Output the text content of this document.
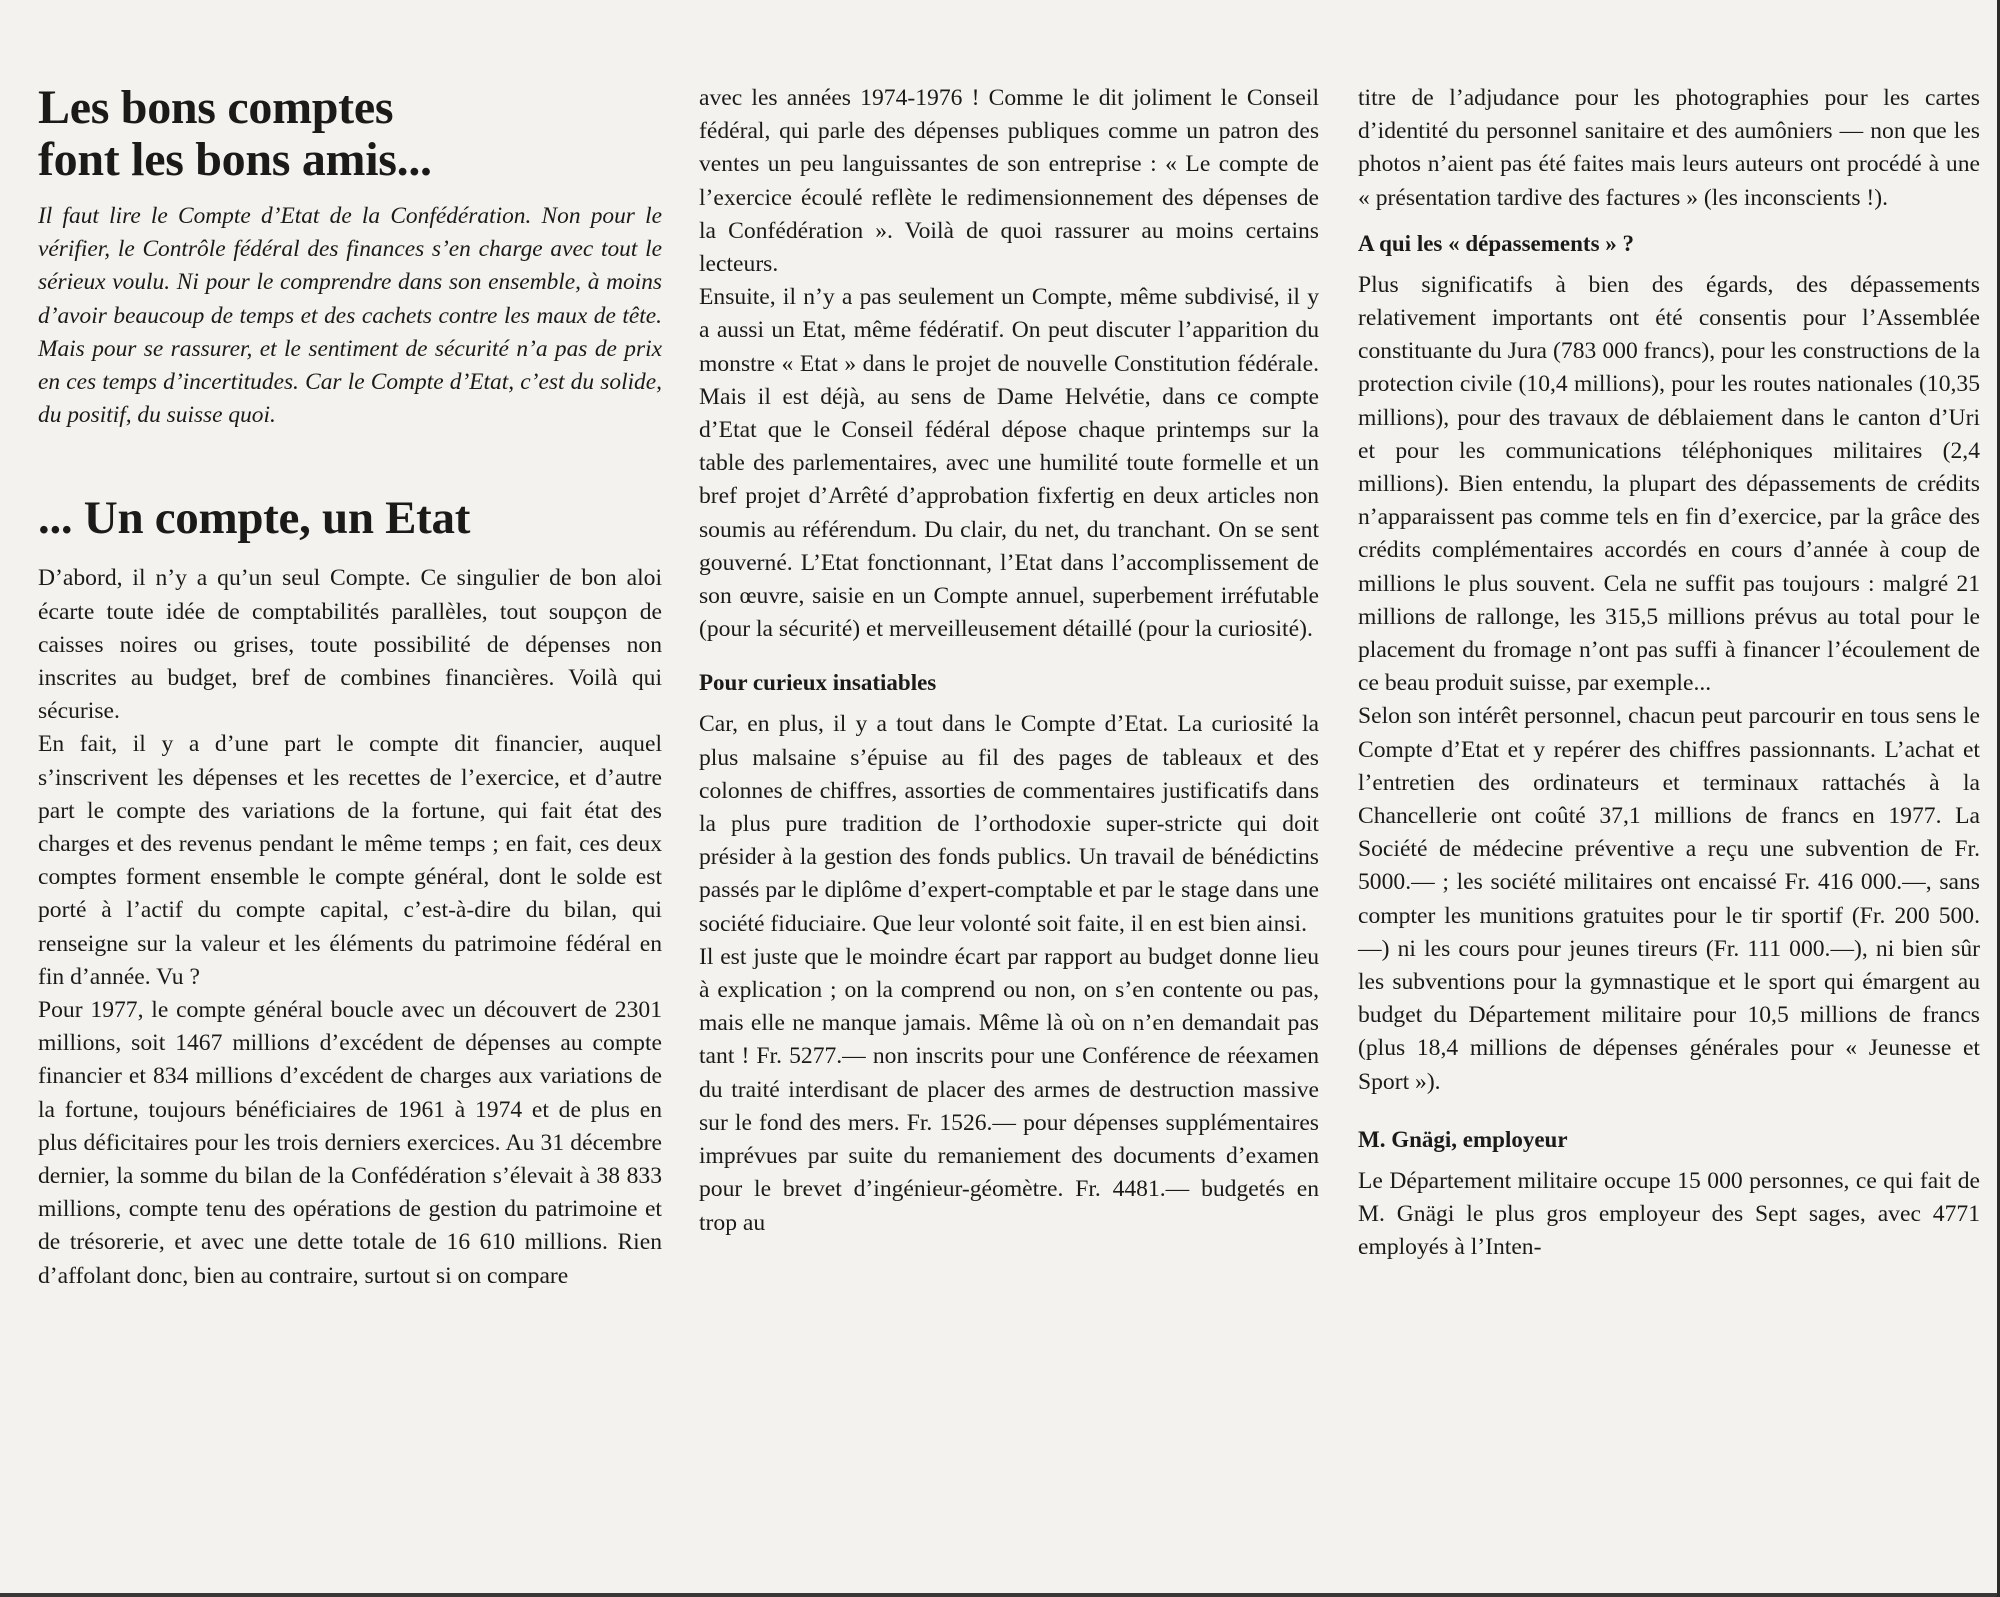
Les bons comptes
font les bons amis...

Il faut lire le Compte d’Etat de la Confédération. Non pour le vérifier, le Contrôle fédéral des finances s’en charge avec tout le sérieux voulu. Ni pour le comprendre dans son ensemble, à moins d’avoir beaucoup de temps et des cachets contre les maux de tête. Mais pour se rassurer, et le sentiment de sécurité n’a pas de prix en ces temps d’incertitudes. Car le Compte d’Etat, c’est du solide, du positif, du suisse quoi.

... Un compte, un Etat

D’abord, il n’y a qu’un seul Compte. Ce singulier de bon aloi écarte toute idée de comptabilités parallèles, tout soupçon de caisses noires ou grises, toute possibilité de dépenses non inscrites au budget, bref de combines financières. Voilà qui sécurise.

En fait, il y a d’une part le compte dit financier, auquel s’inscrivent les dépenses et les recettes de l’exercice, et d’autre part le compte des variations de la fortune, qui fait état des charges et des revenus pendant le même temps ; en fait, ces deux comptes forment ensemble le compte général, dont le solde est porté à l’actif du compte capital, c’est-à-dire du bilan, qui renseigne sur la valeur et les éléments du patrimoine fédéral en fin d’année. Vu ?

Pour 1977, le compte général boucle avec un découvert de 2301 millions, soit 1467 millions d’excédent de dépenses au compte financier et 834 millions d’excédent de charges aux variations de la fortune, toujours bénéficiaires de 1961 à 1974 et de plus en plus déficitaires pour les trois derniers exercices. Au 31 décembre dernier, la somme du bilan de la Confédération s’élevait à 38 833 millions, compte tenu des opérations de gestion du patrimoine et de trésorerie, et avec une dette totale de 16 610 millions. Rien d’affolant donc, bien au contraire, surtout si on compare

avec les années 1974-1976 ! Comme le dit joliment le Conseil fédéral, qui parle des dépenses publiques comme un patron des ventes un peu languissantes de son entreprise : « Le compte de l’exercice écoulé reflète le redimensionnement des dépenses de la Confédération ». Voilà de quoi rassurer au moins certains lecteurs.

Ensuite, il n’y a pas seulement un Compte, même subdivisé, il y a aussi un Etat, même fédératif. On peut discuter l’apparition du monstre « Etat » dans le projet de nouvelle Constitution fédérale. Mais il est déjà, au sens de Dame Helvétie, dans ce compte d’Etat que le Conseil fédéral dépose chaque printemps sur la table des parlementaires, avec une humilité toute formelle et un bref projet d’Arrêté d’approbation fixfertig en deux articles non soumis au référendum. Du clair, du net, du tranchant. On se sent gouverné. L’Etat fonctionnant, l’Etat dans l’accomplissement de son œuvre, saisie en un Compte annuel, superbement irréfutable (pour la sécurité) et merveilleusement détaillé (pour la curiosité).

Pour curieux insatiables

Car, en plus, il y a tout dans le Compte d’Etat. La curiosité la plus malsaine s’épuise au fil des pages de tableaux et des colonnes de chiffres, assorties de commentaires justificatifs dans la plus pure tradition de l’orthodoxie super-stricte qui doit présider à la gestion des fonds publics. Un travail de bénédictins passés par le diplôme d’expert-comptable et par le stage dans une société fiduciaire. Que leur volonté soit faite, il en est bien ainsi.

Il est juste que le moindre écart par rapport au budget donne lieu à explication ; on la comprend ou non, on s’en contente ou pas, mais elle ne manque jamais. Même là où on n’en demandait pas tant ! Fr. 5277.— non inscrits pour une Conférence de réexamen du traité interdisant de placer des armes de destruction massive sur le fond des mers. Fr. 1526.— pour dépenses supplémentaires imprévues par suite du remaniement des documents d’examen pour le brevet d’ingénieur-géomètre. Fr. 4481.— budgetés en trop au

titre de l’adjudance pour les photographies pour les cartes d’identité du personnel sanitaire et des aumôniers — non que les photos n’aient pas été faites mais leurs auteurs ont procédé à une « présentation tardive des factures » (les inconscients !).

A qui les « dépassements » ?

Plus significatifs à bien des égards, des dépassements relativement importants ont été consentis pour l’Assemblée constituante du Jura (783 000 francs), pour les constructions de la protection civile (10,4 millions), pour les routes nationales (10,35 millions), pour des travaux de déblaiement dans le canton d’Uri et pour les communications téléphoniques militaires (2,4 millions). Bien entendu, la plupart des dépassements de crédits n’apparaissent pas comme tels en fin d’exercice, par la grâce des crédits complémentaires accordés en cours d’année à coup de millions le plus souvent. Cela ne suffit pas toujours : malgré 21 millions de rallonge, les 315,5 millions prévus au total pour le placement du fromage n’ont pas suffi à financer l’écoulement de ce beau produit suisse, par exemple...

Selon son intérêt personnel, chacun peut parcourir en tous sens le Compte d’Etat et y repérer des chiffres passionnants. L’achat et l’entretien des ordinateurs et terminaux rattachés à la Chancellerie ont coûté 37,1 millions de francs en 1977. La Société de médecine préventive a reçu une subvention de Fr. 5000.— ; les société militaires ont encaissé Fr. 416 000.—, sans compter les munitions gratuites pour le tir sportif (Fr. 200 500.—) ni les cours pour jeunes tireurs (Fr. 111 000.—), ni bien sûr les subventions pour la gymnastique et le sport qui émargent au budget du Département militaire pour 10,5 millions de francs (plus 18,4 millions de dépenses générales pour « Jeunesse et Sport »).

M. Gnägi, employeur

Le Département militaire occupe 15 000 personnes, ce qui fait de M. Gnägi le plus gros employeur des Sept sages, avec 4771 employés à l’Inten-
